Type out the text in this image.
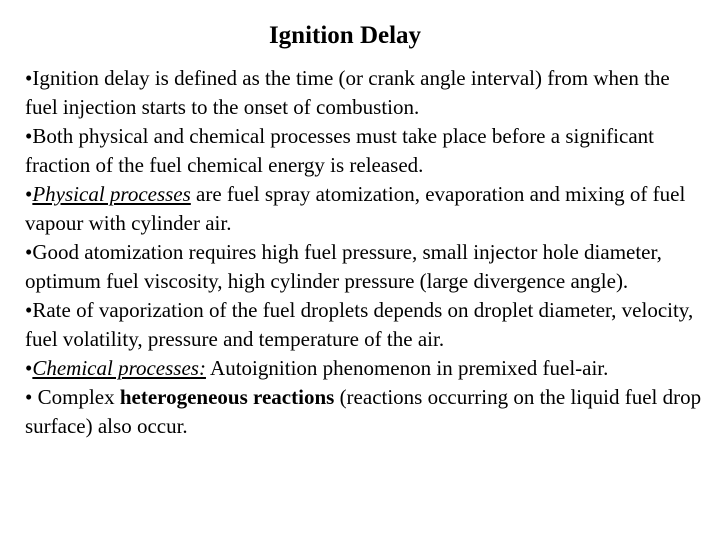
Ignition Delay

•Ignition delay is defined as the time (or crank angle interval) from when the fuel injection starts to the onset of combustion.

•Both physical and chemical processes must take place before a significant fraction of the fuel chemical energy is released.

•Physical processes are fuel spray atomization, evaporation and mixing of fuel vapour with cylinder air.

•Good atomization requires high fuel pressure, small injector hole diameter, optimum fuel viscosity, high cylinder pressure (large divergence angle).

•Rate of vaporization of the fuel droplets depends on droplet diameter, velocity, fuel volatility, pressure and temperature of the air.

•Chemical processes: Autoignition phenomenon in premixed fuel-air.

• Complex heterogeneous reactions (reactions occurring on the liquid fuel drop surface) also occur.
